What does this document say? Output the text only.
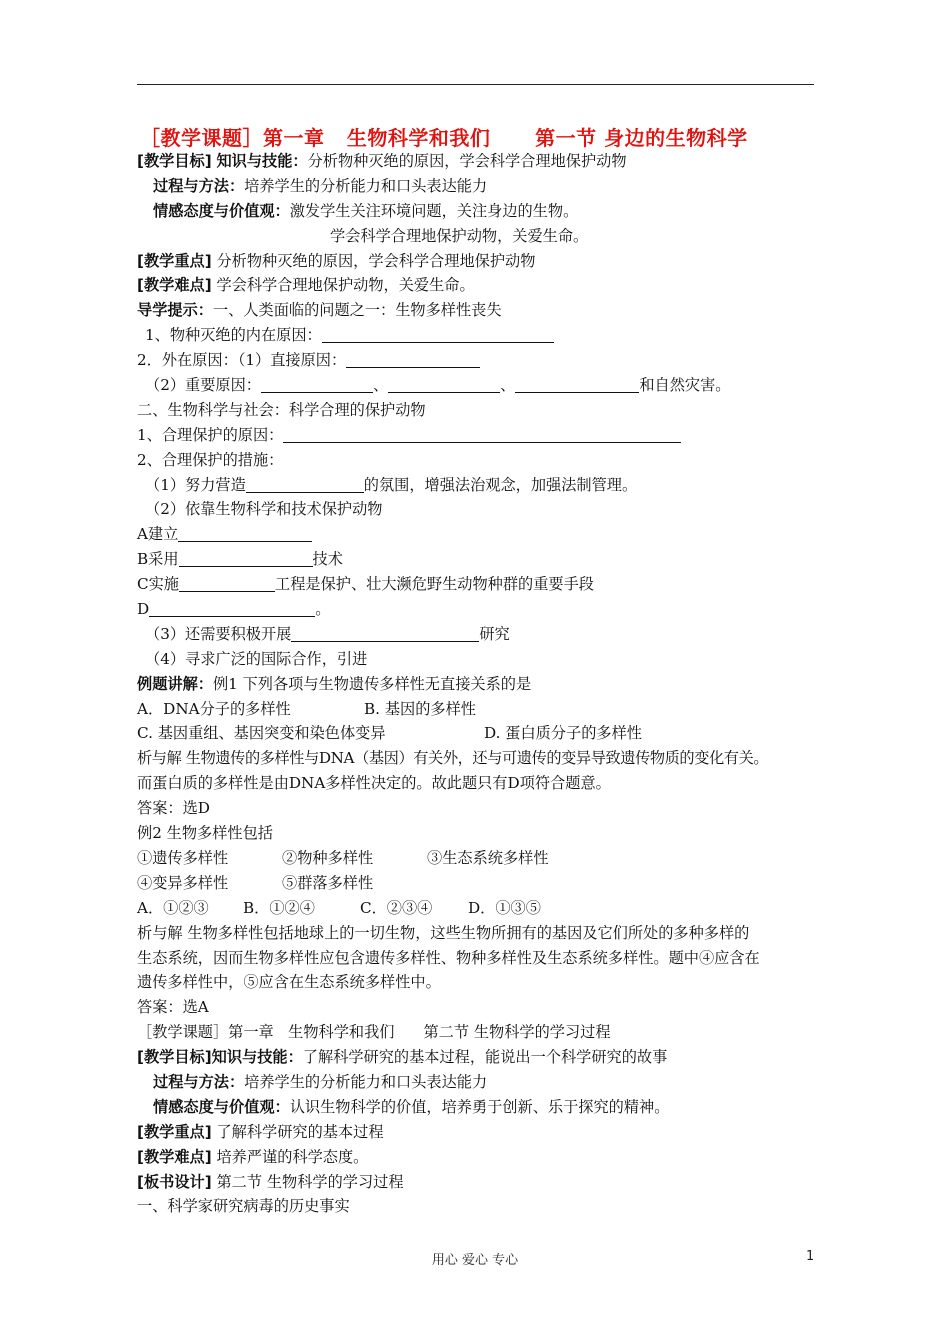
［教学课题］第一章   生物科学和我们      第一节 身边的生物科学
[教学目标] 知识与技能：分析物种灭绝的原因，学会科学合理地保护动物
过程与方法：培养学生的分析能力和口头表达能力
情感态度与价值观：激发学生关注环境问题，关注身边的生物。
学会科学合理地保护动物，关爱生命。
[教学重点] 分析物种灭绝的原因，学会科学合理地保护动物
[教学难点] 学会科学合理地保护动物，关爱生命。
导学提示：一、人类面临的问题之一：生物多样性丧失
1、物种灭绝的内在原因：
2．外在原因：（1）直接原因：
（2）重要原因：	、	、	和自然灾害。
二、生物科学与社会：科学合理的保护动物
1、合理保护的原因：
2、合理保护的措施：
（1）努力营造	的氛围，增强法治观念，加强法制管理。
（2）依靠生物科学和技术保护动物
A建立
B采用	技术
C实施	工程是保护、壮大濒危野生动物种群的重要手段
D	。
（3）还需要积极开展	研究
（4）寻求广泛的国际合作，引进
例题讲解：例1 下列各项与生物遗传多样性无直接关系的是
A．DNA分子的多样性	B. 基因的多样性
C. 基因重组、基因突变和染色体变异	D. 蛋白质分子的多样性
析与解 生物遗传的多样性与DNA（基因）有关外，还与可遗传的变异导致遗传物质的变化有关。
而蛋白质的多样性是由DNA多样性决定的。故此题只有D项符合题意。
答案：选D
例2 生物多样性包括
①遗传多样性	②物种多样性	③生态系统多样性
④变异多样性	⑤群落多样性
A．①②③ B．①②④	C．②③④ D．①③⑤
析与解 生物多样性包括地球上的一切生物，这些生物所拥有的基因及它们所处的多种多样的
生态系统，因而生物多样性应包含遗传多样性、物种多样性及生态系统多样性。题中④应含在
遗传多样性中，⑤应含在生态系统多样性中。
答案：选A
［教学课题］第一章   生物科学和我们      第二节 生物科学的学习过程
[教学目标]知识与技能：了解科学研究的基本过程，能说出一个科学研究的故事
过程与方法：培养学生的分析能力和口头表达能力
情感态度与价值观：认识生物科学的价值，培养勇于创新、乐于探究的精神。
[教学重点] 了解科学研究的基本过程
[教学难点] 培养严谨的科学态度。
[板书设计] 第二节 生物科学的学习过程
一、科学家研究病毒的历史事实
用心 爱心 专心	1
